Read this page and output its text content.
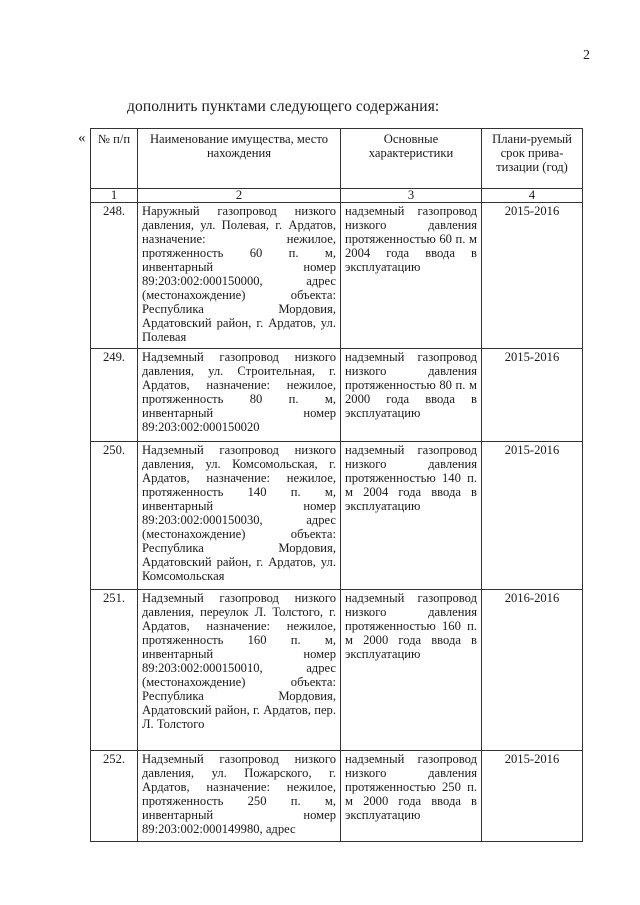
2
дополнить пунктами следующего содержания:
« № п/п	Наименование имущества, место нахождения	Основные характеристики	Плани-руемый срок прива-тизации (год)
1	2	3	4
248.	Наружный газопровод низкого давления, ул. Полевая, г. Ардатов, назначение: нежилое, протяженность 60 п. м, инвентарный номер 89:203:002:000150000, адрес (местонахождение) объекта: Республика Мордовия, Ардатовский район, г. Ардатов, ул. Полевая	надземный газопровод низкого давления протяженностью 60 п. м 2004 года ввода в эксплуатацию	2015-2016
249.	Надземный газопровод низкого давления, ул. Строительная, г. Ардатов, назначение: нежилое, протяженность 80 п. м, инвентарный номер 89:203:002:000150020	надземный газопровод низкого давления протяженностью 80 п. м 2000 года ввода в эксплуатацию	2015-2016
250.	Надземный газопровод низкого давления, ул. Комсомольская, г. Ардатов, назначение: нежилое, протяженность 140 п. м, инвентарный номер 89:203:002:000150030, адрес (местонахождение) объекта: Республика Мордовия, Ардатовский район, г. Ардатов, ул. Комсомольская	надземный газопровод низкого давления протяженностью 140 п. м 2004 года ввода в эксплуатацию	2015-2016
251.	Надземный газопровод низкого давления, переулок Л. Толстого, г. Ардатов, назначение: нежилое, протяженность 160 п. м, инвентарный номер 89:203:002:000150010, адрес (местонахождение) объекта: Республика Мордовия, Ардатовский район, г. Ардатов, пер. Л. Толстого	надземный газопровод низкого давления протяженностью 160 п. м 2000 года ввода в эксплуатацию	2016-2016
252.	Надземный газопровод низкого давления, ул. Пожарского, г. Ардатов, назначение: нежилое, протяженность 250 п. м, инвентарный номер 89:203:002:000149980, адрес	надземный газопровод низкого давления протяженностью 250 п. м 2000 года ввода в эксплуатацию	2015-2016
